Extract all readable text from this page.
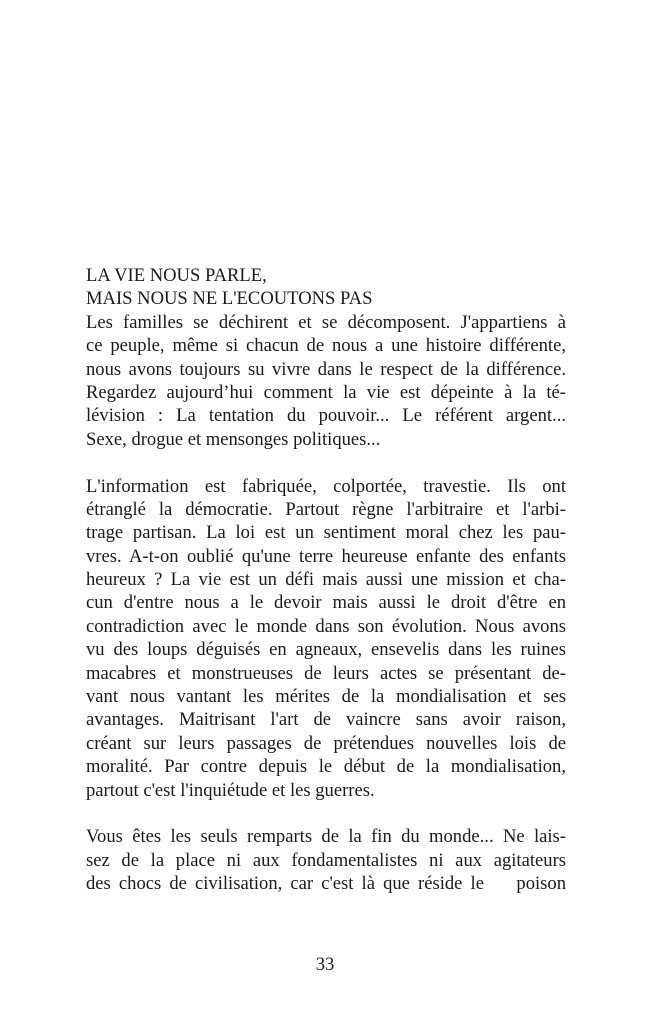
LA VIE NOUS PARLE,
MAIS NOUS NE L'ECOUTONS PAS
Les familles se déchirent et se décomposent. J'appartiens à
ce peuple, même si chacun de nous a une histoire différente,
nous avons toujours su vivre dans le respect de la différence.
Regardez aujourd’hui comment la vie est dépeinte à la té-
lévision : La tentation du pouvoir... Le référent argent...
Sexe, drogue et mensonges politiques...
L'information est fabriquée, colportée, travestie. Ils ont
étranglé la démocratie. Partout règne l'arbitraire et l'arbi-
trage partisan. La loi est un sentiment moral chez les pau-
vres. A-t-on oublié qu'une terre heureuse enfante des enfants
heureux ? La vie est un défi mais aussi une mission et cha-
cun d'entre nous a le devoir mais aussi le droit d'être en
contradiction avec le monde dans son évolution. Nous avons
vu des loups déguisés en agneaux, ensevelis dans les ruines
macabres et monstrueuses de leurs actes se présentant de-
vant nous vantant les mérites de la mondialisation et ses
avantages. Maitrisant l'art de vaincre sans avoir raison,
créant sur leurs passages de prétendues nouvelles lois de
moralité. Par contre depuis le début de la mondialisation,
partout c'est l'inquiétude et les guerres.
Vous êtes les seuls remparts de la fin du monde... Ne lais-
sez de la place ni aux fondamentalistes ni aux agitateurs
des chocs de civilisation, car c'est là que réside le    poison
33
